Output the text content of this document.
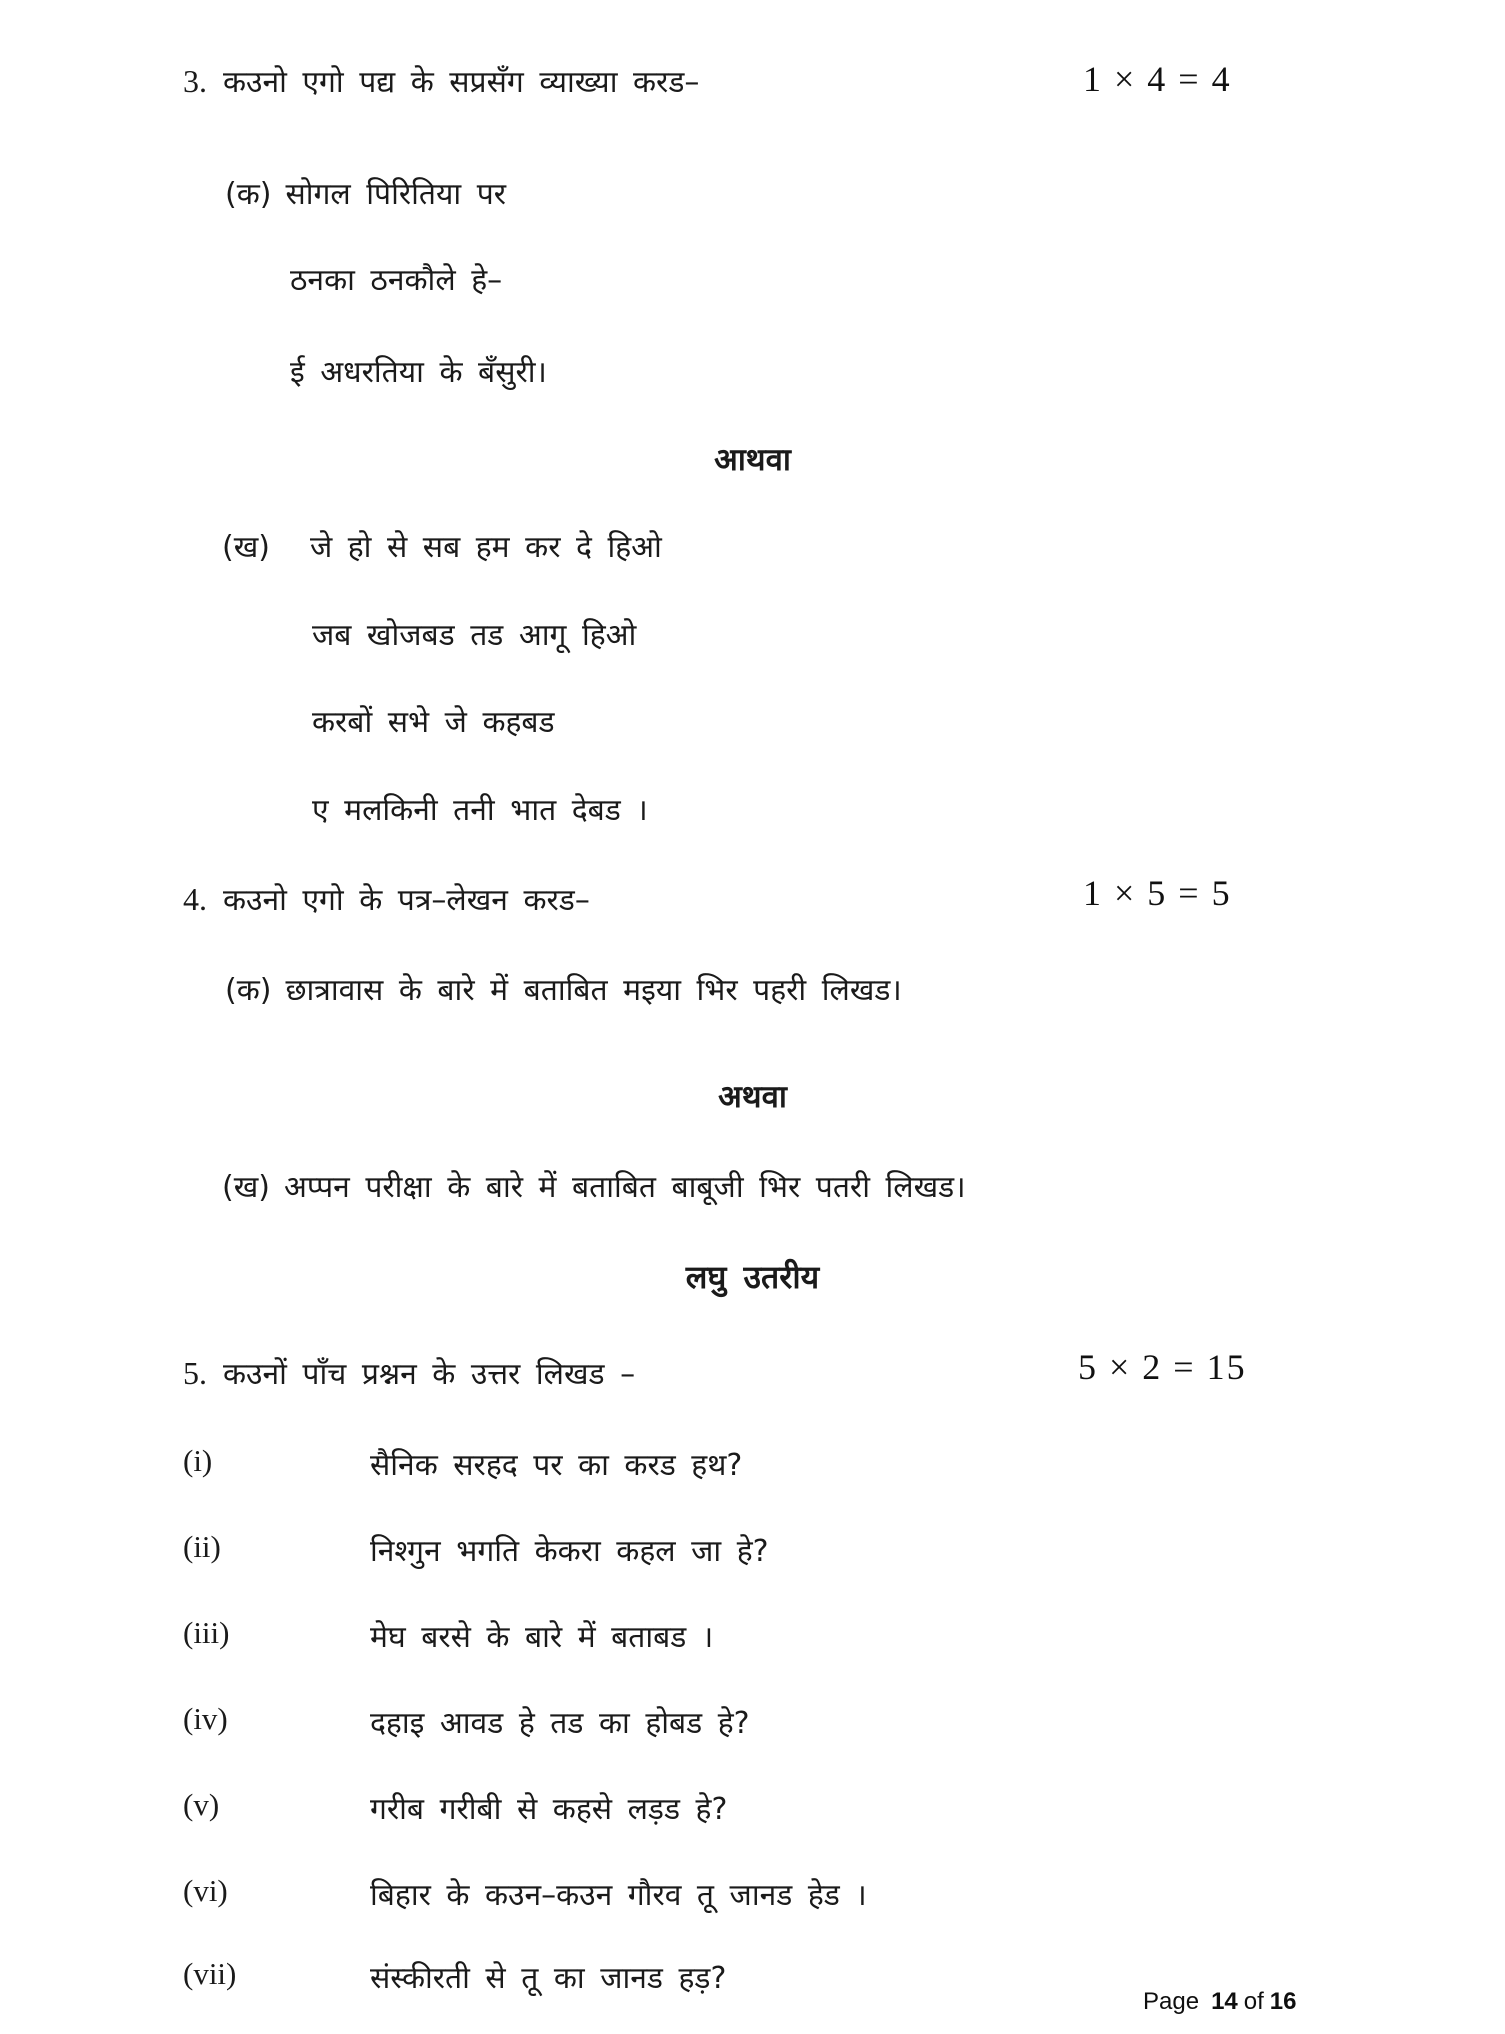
3. कउनो एगो पद्य के सप्रसँग व्याख्या करड–	1 × 4 = 4
(क) सोगल पिरितिया पर
ठनका ठनकौले हे–
ई अधरतिया के बँसुरी।
आथवा
(ख) जे हो से सब हम कर दे हिओ
जब खोजबड तड आगू हिओ
करबों सभे जे कहबड
ए मलकिनी तनी भात देबड ।
4. कउनो एगो के पत्र–लेखन करड–	1 × 5 = 5
(क) छात्रावास के बारे में बताबित मइया भिर पहरी लिखड।
अथवा
(ख) अप्पन परीक्षा के बारे में बताबित बाबूजी भिर पतरी लिखड।
लघु उतरीय
5. कउनों पाँच प्रश्नन के उत्तर लिखड –	5 × 2 = 15
(i)	सैनिक सरहद पर का करड हथ?
(ii)	निश्गुन भगति केकरा कहल जा हे?
(iii)	मेघ बरसे के बारे में बताबड ।
(iv)	दहाइ आवड हे तड का होबड हे?
(v)	गरीब गरीबी से कहसे लड़ड हे?
(vi)	बिहार के कउन–कउन गौरव तू जानड हेड ।
(vii)	संस्कीरती से तू का जानड हड़?
Page 14 of 16
